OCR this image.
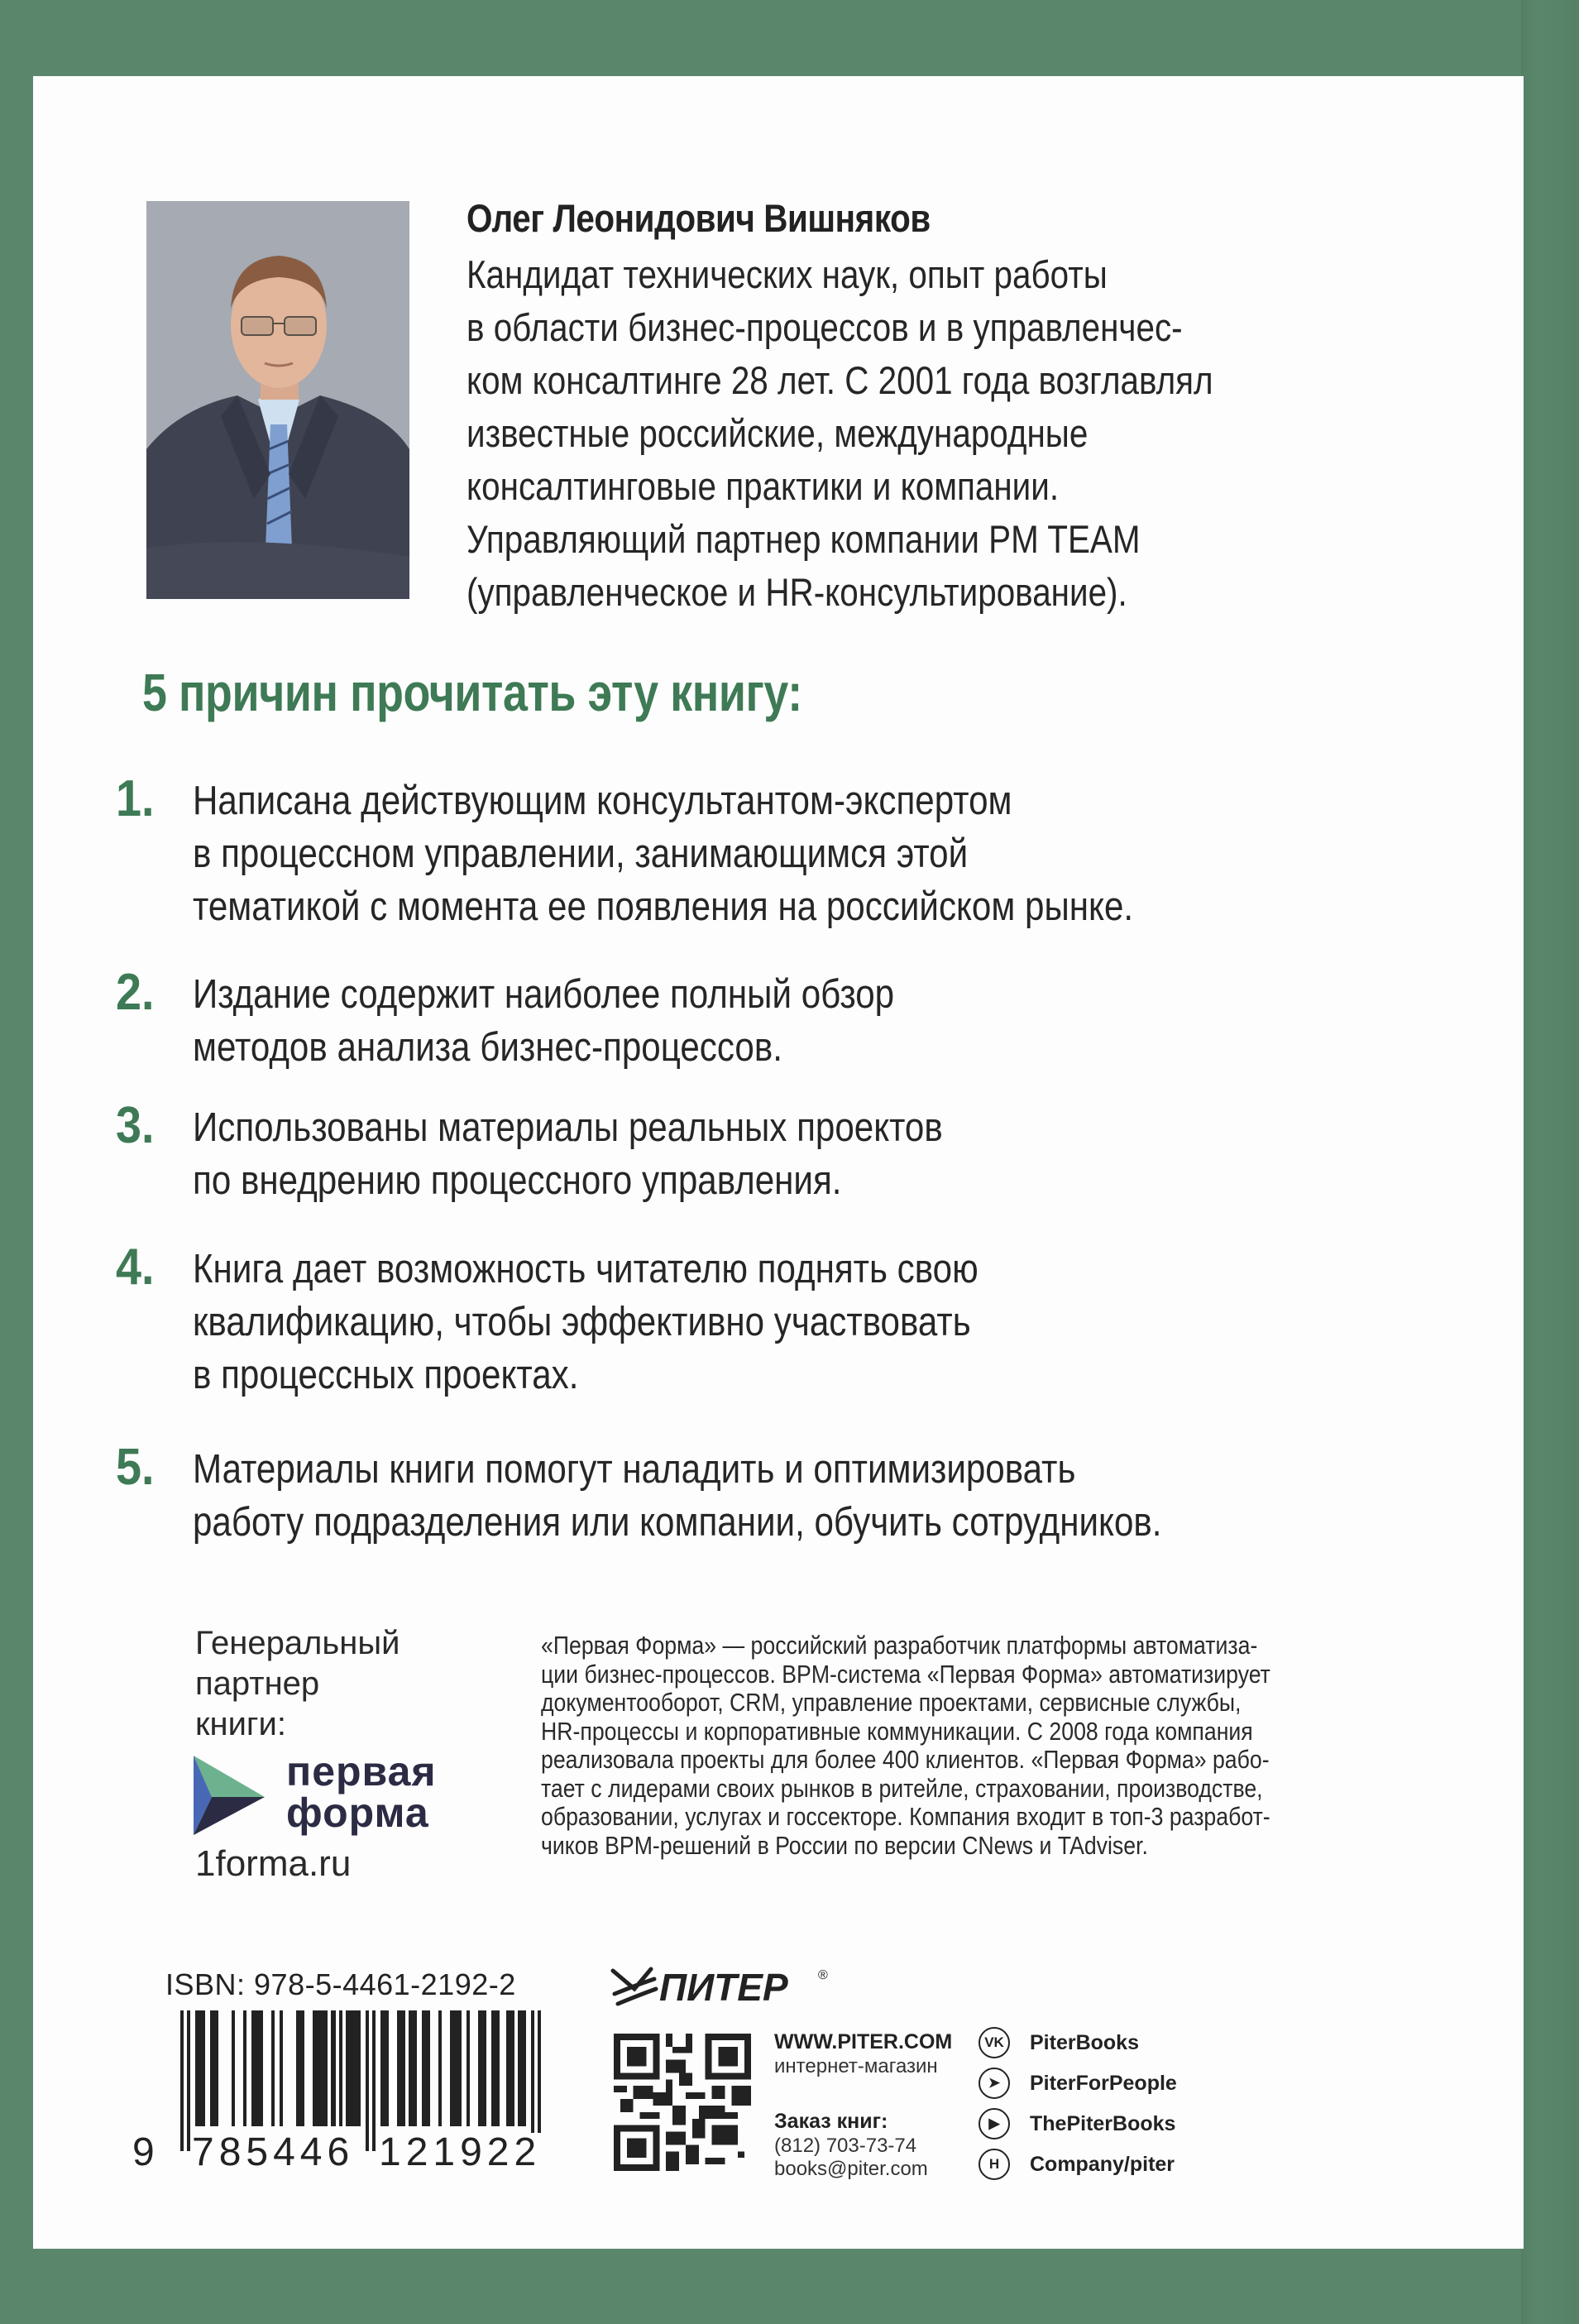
Олег Леонидович Вишняков
Кандидат технических наук, опыт работы
в области бизнес-процессов и в управленчес-
ком консалтинге 28 лет. С 2001 года возглавлял
известные российские, международные
консалтинговые практики и компании.
Управляющий партнер компании PM TEAM
(управленческое и HR-консультирование).
5 причин прочитать эту книгу:
1. Написана действующим консультантом-экспертом
в процессном управлении, занимающимся этой
тематикой с момента ее появления на российском рынке.
2. Издание содержит наиболее полный обзор
методов анализа бизнес-процессов.
3. Использованы материалы реальных проектов
по внедрению процессного управления.
4. Книга дает возможность читателю поднять свою
квалификацию, чтобы эффективно участвовать
в процессных проектах.
5. Материалы книги помогут наладить и оптимизировать
работу подразделения или компании, обучить сотрудников.
Генеральный
партнер
книги:
первая
форма
1forma.ru
«Первая Форма» — российский разработчик платформы автоматиза-
ции бизнес-процессов. BPM-система «Первая Форма» автоматизирует
документооборот, CRM, управление проектами, сервисные службы,
HR-процессы и корпоративные коммуникации. С 2008 года компания
реализовала проекты для более 400 клиентов. «Первая Форма» рабо-
тает с лидерами своих рынков в ритейле, страховании, производстве,
образовании, услугах и госсекторе. Компания входит в топ-3 разработ-
чиков BPM-решений в России по версии CNews и TAdviser.
ISBN: 978-5-4461-2192-2
9 785446 121922
ПИТЕР ®
WWW.PITER.COM
интернет-магазин
Заказ книг:
(812) 703-73-74
books@piter.com
VK PiterBooks
➤	PiterForPeople
▶	ThePiterBooks
H	Company/piter
